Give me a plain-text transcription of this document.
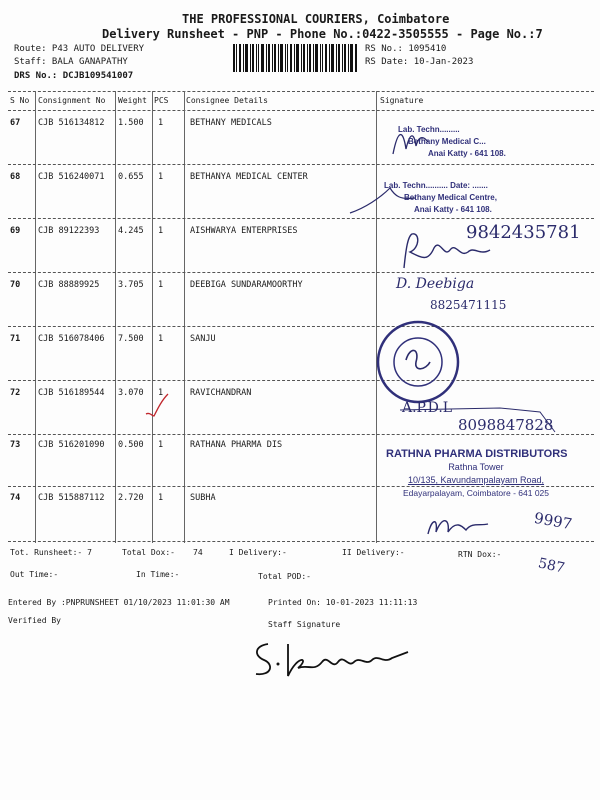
THE PROFESSIONAL COURIERS, Coimbatore
Delivery Runsheet - PNP - Phone No.:0422-3505555 - Page No.:7
Route: P43 AUTO DELIVERY
Staff: BALA GANAPATHY
DRS No.: DCJB109541007
RS No.: 1095410
RS Date: 10-Jan-2023
S No Consignment No Weight PCS Consignee Details	Signature
67 CJB 516134812 1.500 1	BETHANY MEDICALS
68 CJB 516240071 0.655 1	BETHANYA MEDICAL CENTER
69 CJB 89122393 4.245 1	AISHWARYA ENTERPRISES
70 CJB 88889925 3.705 1	DEEBIGA SUNDARAMOORTHY
71 CJB 516078406 7.500 1	SANJU
72 CJB 516189544 3.070 1	RAVICHANDRAN
73 CJB 516201090 0.500 1	RATHANA PHARMA DIS
74 CJB 515887112 2.720 1	SUBHA
Lab. Techn.........
Bethany Medical C...
Anai Katty - 641 108.
Lab. Techn.......... Date: .......
Bethany Medical Centre,
Anai Katty - 641 108.
9842435781
D. Deebiga
8825471115
A.P.D.L
8098847828
RATHNA PHARMA DISTRIBUTORS
Rathna Tower
10/135, Kavundampalayam Road,
Edayarpalayam, Coimbatore - 641 025
9997
Tot. Runsheet:- 7	Total Dox:- 74	I Delivery:-	II Delivery:-	RTN Dox:-
587
Out Time:-	In Time:-	Total POD:-
Entered By :PNPRUNSHEET 01/10/2023 11:01:30 AM	Printed On: 10-01-2023 11:11:13
Verified By	Staff Signature
